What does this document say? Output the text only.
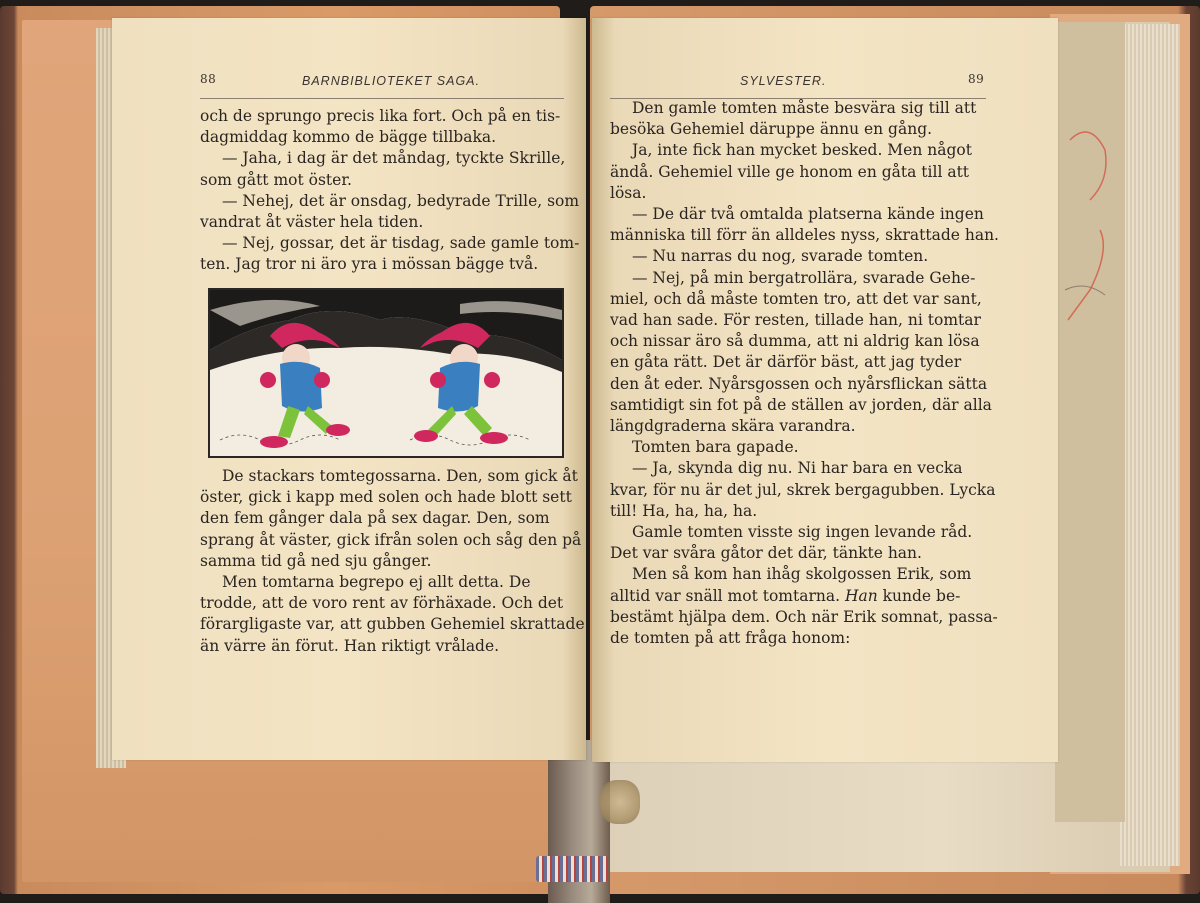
88	BARNBIBLIOTEKET SAGA.

och de sprungo precis lika fort. Och på en tis-

dagmiddag kommo de bägge tillbaka.

— Jaha, i dag är det måndag, tyckte Skrille,

som gått mot öster.

— Nehej, det är onsdag, bedyrade Trille, som

vandrat åt väster hela tiden.

— Nej, gossar, det är tisdag, sade gamle tom-

ten. Jag tror ni äro yra i mössan bägge två.

De stackars tomtegossarna. Den, som gick åt

öster, gick i kapp med solen och hade blott sett

den fem gånger dala på sex dagar. Den, som

sprang åt väster, gick ifrån solen och såg den på

samma tid gå ned sju gånger.

Men tomtarna begrepo ej allt detta. De

trodde, att de voro rent av förhäxade. Och det

förargligaste var, att gubben Gehemiel skrattade

än värre än förut. Han riktigt vrålade.

SYLVESTER.	89

Den gamle tomten måste besvära sig till att

besöka Gehemiel däruppe ännu en gång.

Ja, inte fick han mycket besked. Men något

ändå. Gehemiel ville ge honom en gåta till att

lösa.

— De där två omtalda platserna kände ingen

människa till förr än alldeles nyss, skrattade han.

— Nu narras du nog, svarade tomten.

— Nej, på min bergatrollära, svarade Gehe-

miel, och då måste tomten tro, att det var sant,

vad han sade. För resten, tillade han, ni tomtar

och nissar äro så dumma, att ni aldrig kan lösa

en gåta rätt. Det är därför bäst, att jag tyder

den åt eder. Nyårsgossen och nyårsflickan sätta

samtidigt sin fot på de ställen av jorden, där alla

längdgraderna skära varandra.

Tomten bara gapade.

— Ja, skynda dig nu. Ni har bara en vecka

kvar, för nu är det jul, skrek bergagubben. Lycka

till! Ha, ha, ha, ha.

Gamle tomten visste sig ingen levande råd.

Det var svåra gåtor det där, tänkte han.

Men så kom han ihåg skolgossen Erik, som

alltid var snäll mot tomtarna. Han kunde be-

bestämt hjälpa dem. Och när Erik somnat, passa-

de tomten på att fråga honom:
